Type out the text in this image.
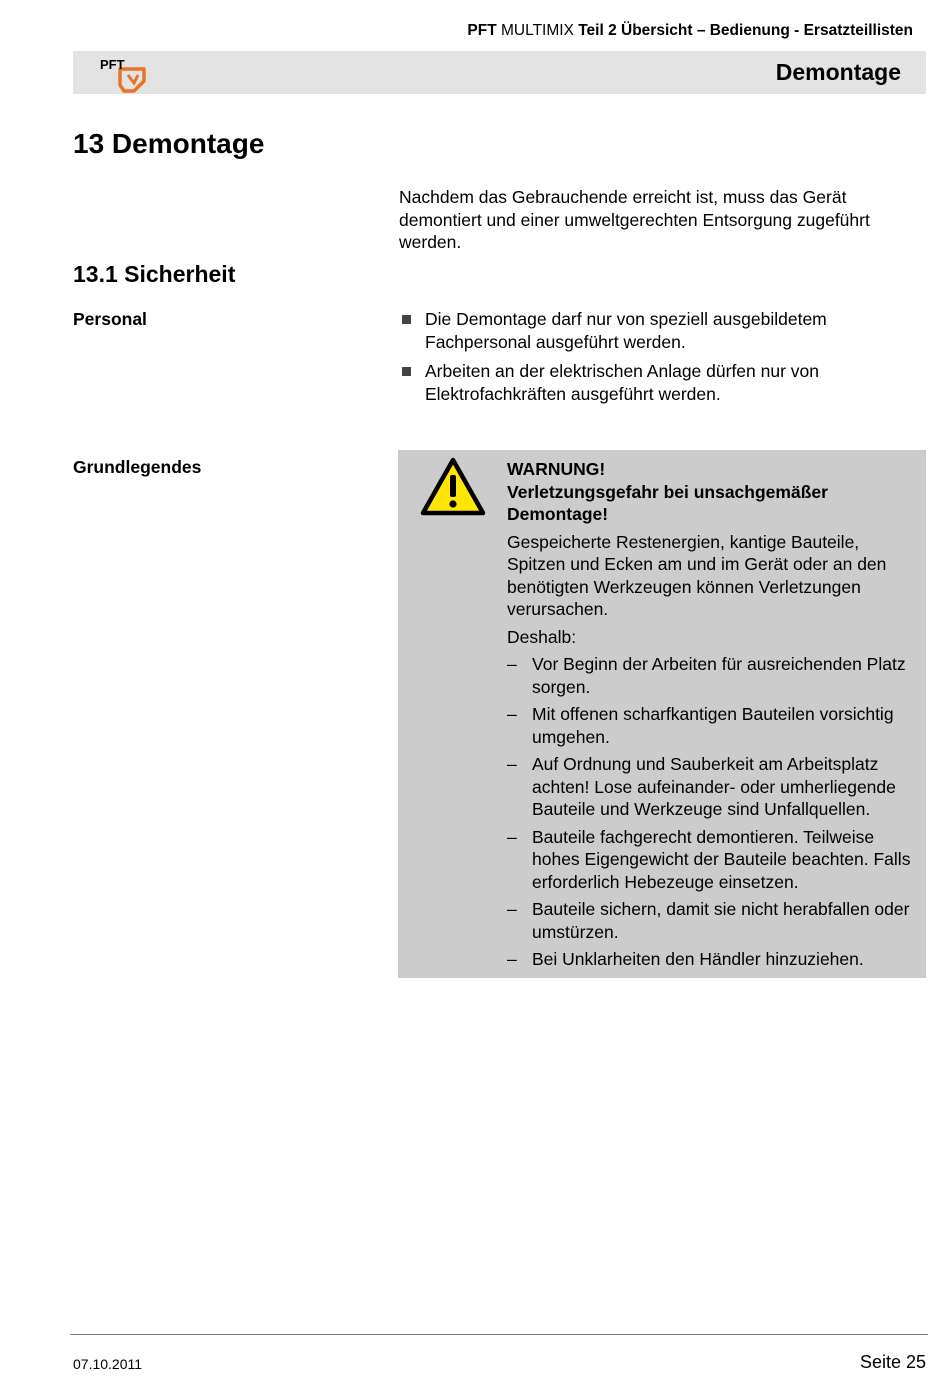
PFT MULTIMIX Teil 2 Übersicht – Bedienung - Ersatzteillisten
PFT	Demontage
13 Demontage

Nachdem das Gebrauchende erreicht ist, muss das Gerät demontiert und einer umweltgerechten Entsorgung zugeführt werden.

13.1 Sicherheit
Personal	Die Demontage darf nur von speziell ausgebildetem Fachpersonal ausgeführt werden.
Arbeiten an der elektrischen Anlage dürfen nur von Elektrofachkräften ausgeführt werden.
Grundlegendes	WARNUNG!
Verletzungsgefahr bei unsachgemäßer Demontage!

Gespeicherte Restenergien, kantige Bauteile, Spitzen und Ecken am und im Gerät oder an den benötigten Werkzeugen können Verletzungen verursachen.

Deshalb:

– Vor Beginn der Arbeiten für ausreichenden Platz sorgen.
– Mit offenen scharfkantigen Bauteilen vorsichtig umgehen.
– Auf Ordnung und Sauberkeit am Arbeitsplatz achten! Lose aufeinander- oder umherliegende Bauteile und Werkzeuge sind Unfallquellen.
– Bauteile fachgerecht demontieren. Teilweise hohes Eigengewicht der Bauteile beachten. Falls erforderlich Hebezeuge einsetzen.
– Bauteile sichern, damit sie nicht herabfallen oder umstürzen.
– Bei Unklarheiten den Händler hinzuziehen.
07.10.2011	Seite 25
